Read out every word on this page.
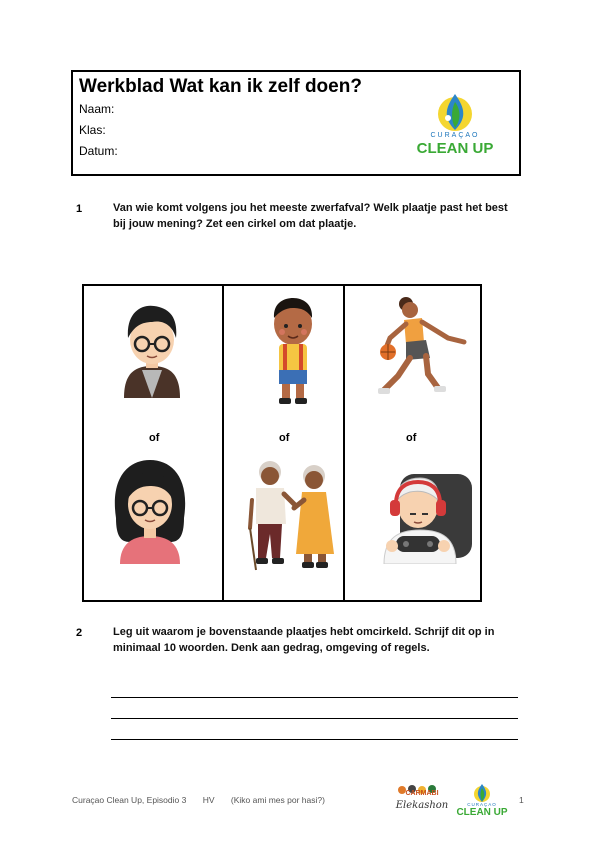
Werkblad Wat kan ik zelf doen?
Naam:
Klas:
Datum:
CURAÇAO
CLEAN UP
1	Van wie komt volgens jou het meeste zwerfafval? Welk plaatje past het best bij jouw mening? Zet een cirkel om dat plaatje.
of	of	of
2	Leg uit waarom je bovenstaande plaatjes hebt omcirkeld. Schrijf dit op in minimaal 10 woorden. Denk aan gedrag, omgeving of regels.
Curaçao Clean Up, Episodio 3 HV (Kiko ami mes por hasi?)
CARMABI
Elekashon	CURAÇAO
CLEAN UP
1
